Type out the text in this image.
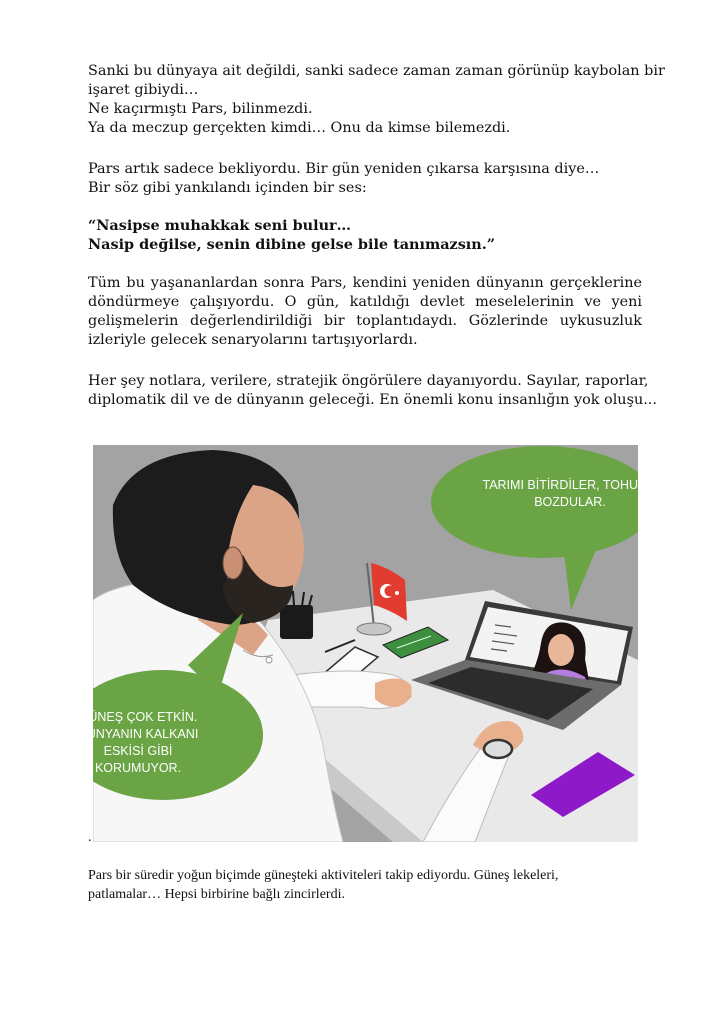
Sanki bu dünyaya ait değildi, sanki sadece zaman zaman görünüp kaybolan bir
işaret gibiydi…
Ne kaçırmıştı Pars, bilinmezdi.
Ya da meczup gerçekten kimdi… Onu da kimse bilemezdi.
Pars artık sadece bekliyordu. Bir gün yeniden çıkarsa karşısına diye…
Bir söz gibi yankılandı içinden bir ses:
“Nasipse muhakkak seni bulur…
Nasip değilse, senin dibine gelse bile tanımazsın.”
Tüm bu yaşananlardan sonra Pars, kendini yeniden dünyanın gerçeklerine döndürmeye çalışıyordu. O gün, katıldığı devlet meselelerinin ve yeni gelişmelerin değerlendirildiği bir toplantıdaydı. Gözlerinde uykusuzluk izleriyle gelecek senaryolarını tartışıyorlardı.
Her şey notlara, verilere, stratejik öngörülere dayanıyordu. Sayılar, raporlar,
diplomatik dil ve de dünyanın geleceği. En önemli konu insanlığın yok oluşu...
TARIMI BİTİRDİLER, TOHUMU
BOZDULAR.
GÜNEŞ ÇOK ETKİN.
DÜNYANIN KALKANI
ESKİSİ GİBİ
KORUMUYOR.
.
Pars bir süredir yoğun biçimde güneşteki aktiviteleri takip ediyordu. Güneş lekeleri,
patlamalar… Hepsi birbirine bağlı zincirlerdi.
